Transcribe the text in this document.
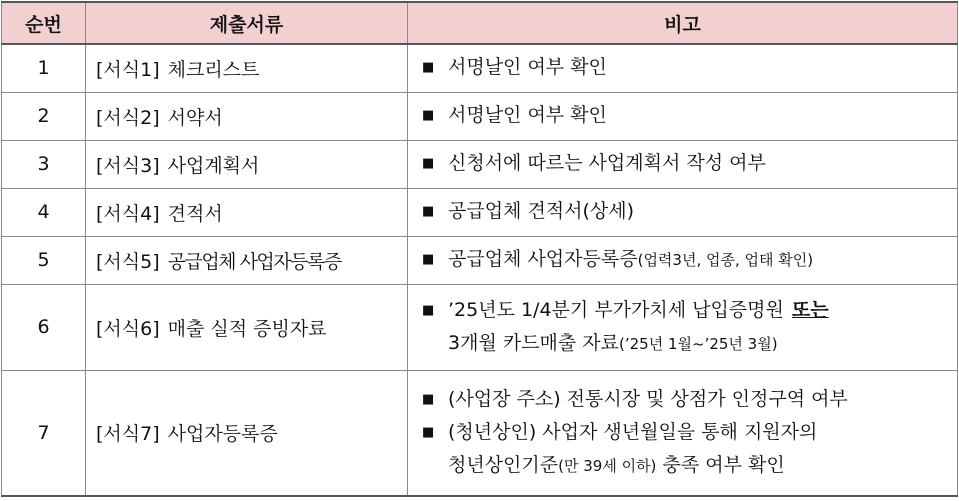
순번	제출서류	비고
1	[서식1] 체크리스트	■ 서명날인 여부 확인

2	[서식2] 서약서	■ 서명날인 여부 확인

3	[서식3] 사업계획서	■ 신청서에 따르는 사업계획서 작성 여부

4	[서식4] 견적서	■ 공급업체 견적서(상세)

5	[서식5] 공급업체 사업자등록증	■ 공급업체 사업자등록증 (업력3년, 업종, 업태 확인)

6	[서식6] 매출 실적 증빙자료	■ ’25년도 1/4분기 부가가치세 납입증명원 또는
3개월 카드매출 자료(’25년 1월~’25년 3월)

7	[서식7] 사업자등록증	■ (사업장 주소) 전통시장 및 상점가 인정구역 여부
■ (청년상인) 사업자 생년월일을 통해 지원자의
청년상인기준(만 39세 이하) 충족 여부 확인
